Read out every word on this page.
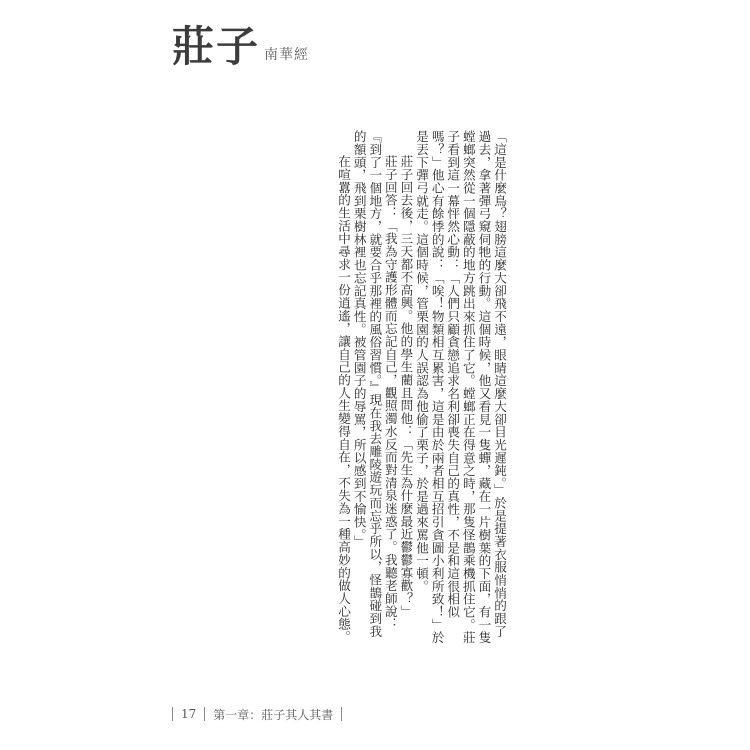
莊子 南華經

「這是什麼鳥？翅膀這麼大卻飛不遠，眼睛這麼大卻目光遲鈍。」於是提著衣服悄悄的跟了過去，拿著彈弓窺伺牠的行動。這個時候，他又看見一隻蟬，藏在一片樹葉的下面，有一隻螳螂突然從一個隱蔽的地方跳出來抓住了它。螳螂正在得意之時，那隻怪鵲乘機抓住它。莊子看到這一幕怦然心動：「人們只顧貪戀追求名利卻喪失自己的真性，不是和這很相似嗎？」他心有餘悸的說：「唉！物類相互累害，這是由於兩者相互招引貪圖小利所致！」於是丟下彈弓就走。這個時候，管栗園的人誤認為他偷了栗子，於是過來罵他一頓。

莊子回去後，三天都不高興。他的學生藺且問他：「先生為什麼最近鬱鬱寡歡？」

莊子回答：「我為守護形體而忘記自己，觀照濁水反而對清泉迷惑了。我聽老師說：『到了一個地方，就要合乎那裡的風俗習慣。』現在我去雕陵遊玩而忘乎所以，怪鵲碰到我的額頭，飛到栗樹林裡也忘記真性。被管園子的辱罵，所以感到不愉快。」

在喧囂的生活中尋求一份逍遙，讓自己的人生變得自在，不失為一種高妙的做人心態。

17 第一章：莊子其人其書
